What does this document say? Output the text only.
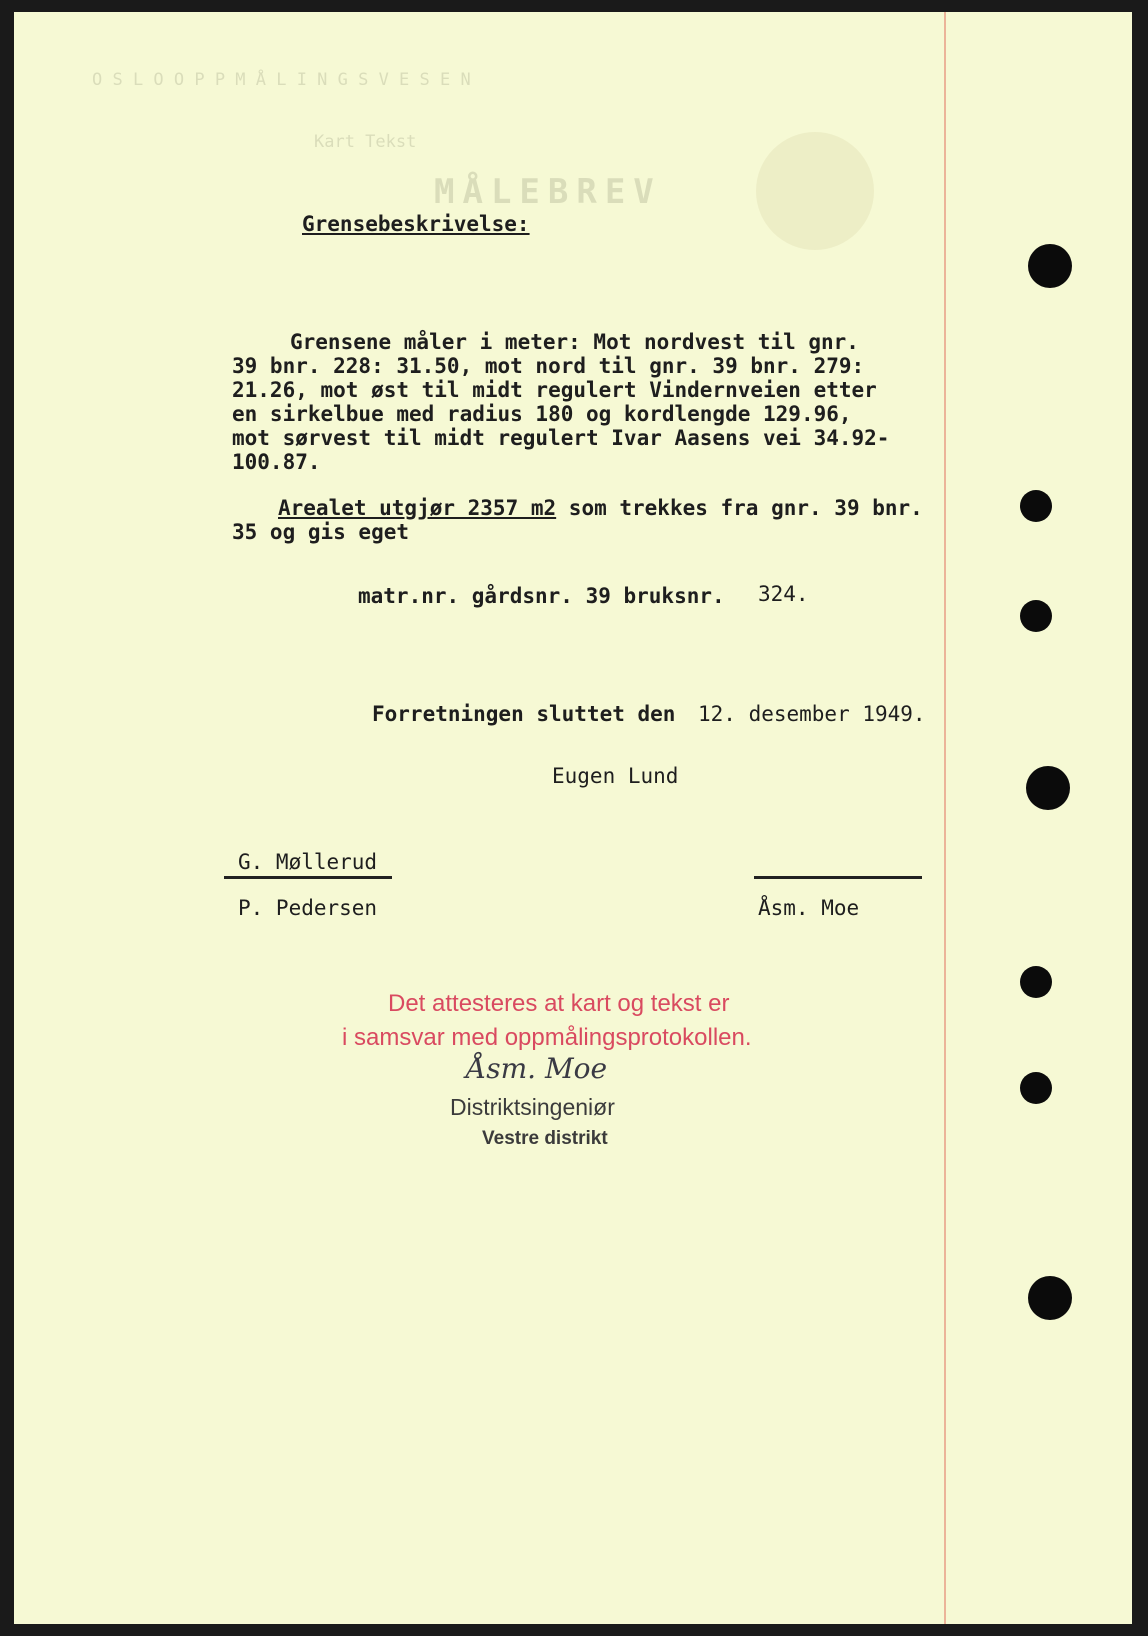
O S L O O P P M Å L I N G S V E S E N
Kart Tekst
MÅLEBREV
Grensebeskrivelse:
Grensene måler i meter: Mot nordvest til gnr.
39 bnr. 228: 31.50, mot nord til gnr. 39 bnr. 279:
21.26, mot øst til midt regulert Vindernveien etter
en sirkelbue med radius 180 og kordlengde 129.96,
mot sørvest til midt regulert Ivar Aasens vei 34.92-
100.87.
Arealet utgjør 2357 m2 som trekkes fra gnr. 39 bnr.
35 og gis eget
matr.nr. gårdsnr. 39 bruksnr. 324.
Forretningen sluttet den 12. desember 1949.
Eugen Lund
G. Møllerud
P. Pedersen	Åsm. Moe
Det attesteres at kart og tekst er
i samsvar med oppmålingsprotokollen.
Åsm. Moe
Distriktsingeniør
Vestre distrikt
